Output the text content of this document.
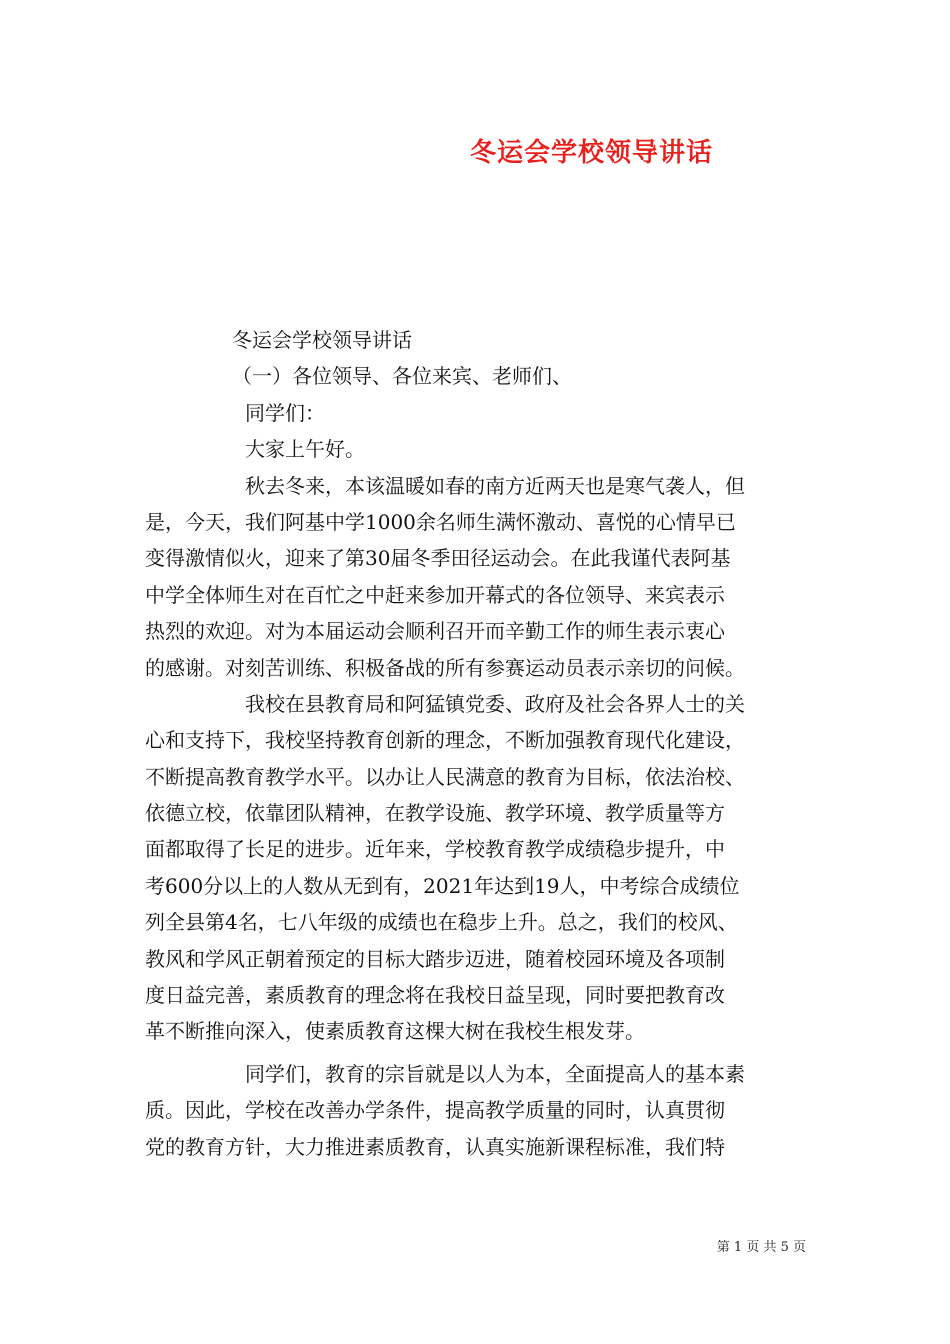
冬运会学校领导讲话
冬运会学校领导讲话
（一）各位领导、各位来宾、老师们、
同学们：
大家上午好。
秋去冬来，本该温暖如春的南方近两天也是寒气袭人，但
是，今天，我们阿基中学1000余名师生满怀激动、喜悦的心情早已
变得激情似火，迎来了第30届冬季田径运动会。在此我谨代表阿基
中学全体师生对在百忙之中赶来参加开幕式的各位领导、来宾表示
热烈的欢迎。对为本届运动会顺利召开而辛勤工作的师生表示衷心
的感谢。对刻苦训练、积极备战的所有参赛运动员表示亲切的问候。
我校在县教育局和阿猛镇党委、政府及社会各界人士的关
心和支持下，我校坚持教育创新的理念，不断加强教育现代化建设，
不断提高教育教学水平。以办让人民满意的教育为目标，依法治校、
依德立校，依靠团队精神，在教学设施、教学环境、教学质量等方
面都取得了长足的进步。近年来，学校教育教学成绩稳步提升，中
考600分以上的人数从无到有，2021年达到19人，中考综合成绩位
列全县第4名，七八年级的成绩也在稳步上升。总之，我们的校风、
教风和学风正朝着预定的目标大踏步迈进，随着校园环境及各项制
度日益完善，素质教育的理念将在我校日益呈现，同时要把教育改
革不断推向深入，使素质教育这棵大树在我校生根发芽。
同学们，教育的宗旨就是以人为本，全面提高人的基本素
质。因此，学校在改善办学条件，提高教学质量的同时，认真贯彻
党的教育方针，大力推进素质教育，认真实施新课程标准，我们特
第 1 页 共 5 页
